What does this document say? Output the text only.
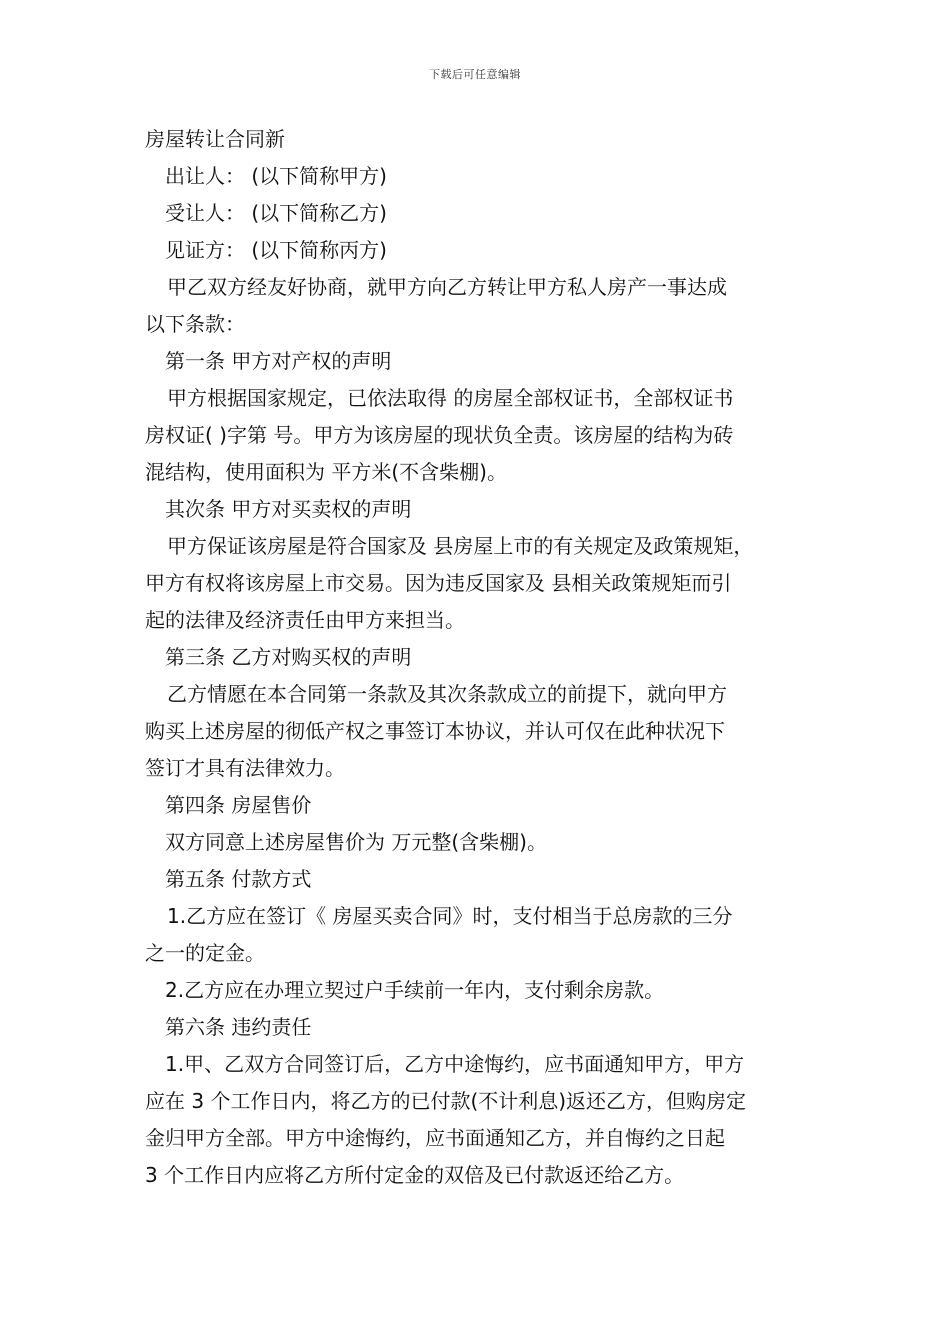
下载后可任意编辑
房屋转让合同新
出让人： (以下简称甲方)
受让人： (以下简称乙方)
见证方： (以下简称丙方)
甲乙双方经友好协商，就甲方向乙方转让甲方私人房产一事达成
以下条款：
第一条 甲方对产权的声明
甲方根据国家规定，已依法取得 的房屋全部权证书，全部权证书
房权证( )字第 号。甲方为该房屋的现状负全责。该房屋的结构为砖
混结构，使用面积为 平方米(不含柴棚)。
其次条 甲方对买卖权的声明
甲方保证该房屋是符合国家及 县房屋上市的有关规定及政策规矩，
甲方有权将该房屋上市交易。因为违反国家及 县相关政策规矩而引
起的法律及经济责任由甲方来担当。
第三条 乙方对购买权的声明
乙方情愿在本合同第一条款及其次条款成立的前提下，就向甲方
购买上述房屋的彻低产权之事签订本协议，并认可仅在此种状况下
签订才具有法律效力。
第四条 房屋售价
双方同意上述房屋售价为 万元整(含柴棚)。
第五条 付款方式
1.乙方应在签订《 房屋买卖合同》时，支付相当于总房款的三分
之一的定金。
2.乙方应在办理立契过户手续前一年内，支付剩余房款。
第六条 违约责任
1.甲、乙双方合同签订后，乙方中途悔约，应书面通知甲方，甲方
应在 3 个工作日内，将乙方的已付款(不计利息)返还乙方，但购房定
金归甲方全部。甲方中途悔约，应书面通知乙方，并自悔约之日起
3 个工作日内应将乙方所付定金的双倍及已付款返还给乙方。
